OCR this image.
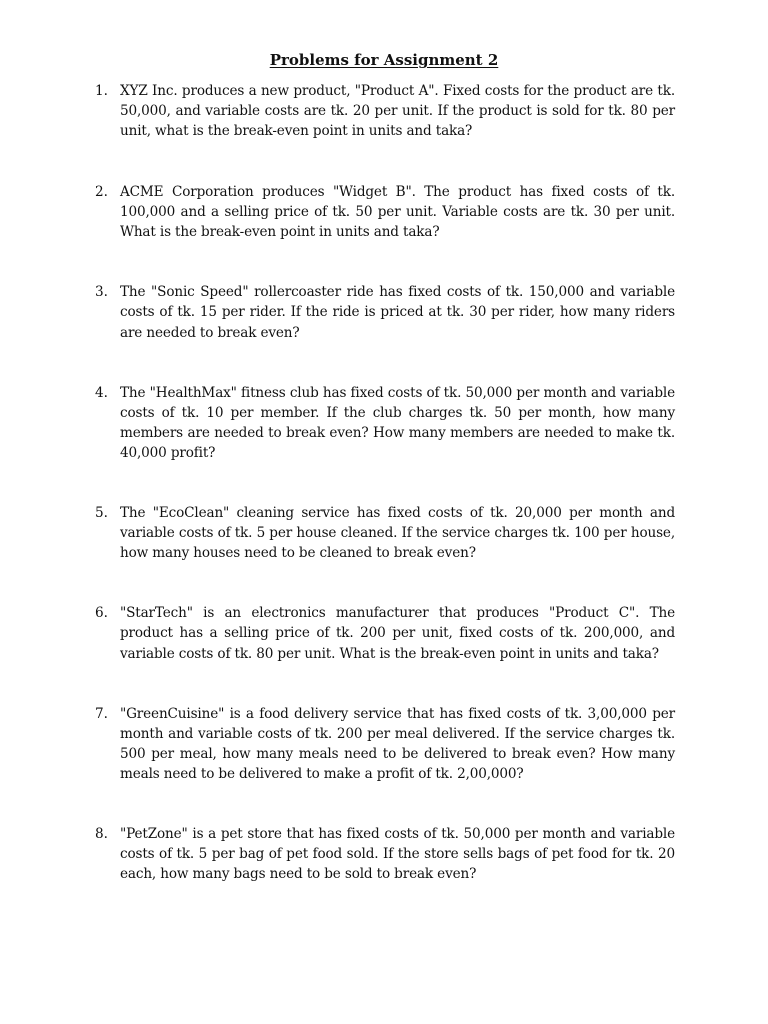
Problems for Assignment 2
1. XYZ Inc. produces a new product, "Product A". Fixed costs for the product are tk. 50,000, and variable costs are tk. 20 per unit. If the product is sold for tk. 80 per unit, what is the break-even point in units and taka?
2. ACME Corporation produces "Widget B". The product has fixed costs of tk. 100,000 and a selling price of tk. 50 per unit. Variable costs are tk. 30 per unit. What is the break-even point in units and taka?
3. The "Sonic Speed" rollercoaster ride has fixed costs of tk. 150,000 and variable costs of tk. 15 per rider. If the ride is priced at tk. 30 per rider, how many riders are needed to break even?
4. The "HealthMax" fitness club has fixed costs of tk. 50,000 per month and variable costs of tk. 10 per member. If the club charges tk. 50 per month, how many members are needed to break even? How many members are needed to make tk. 40,000 profit?
5. The "EcoClean" cleaning service has fixed costs of tk. 20,000 per month and variable costs of tk. 5 per house cleaned. If the service charges tk. 100 per house, how many houses need to be cleaned to break even?
6. "StarTech" is an electronics manufacturer that produces "Product C". The product has a selling price of tk. 200 per unit, fixed costs of tk. 200,000, and variable costs of tk. 80 per unit. What is the break-even point in units and taka?
7. "GreenCuisine" is a food delivery service that has fixed costs of tk. 3,00,000 per month and variable costs of tk. 200 per meal delivered. If the service charges tk. 500 per meal, how many meals need to be delivered to break even? How many meals need to be delivered to make a profit of tk. 2,00,000?
8. "PetZone" is a pet store that has fixed costs of tk. 50,000 per month and variable costs of tk. 5 per bag of pet food sold. If the store sells bags of pet food for tk. 20 each, how many bags need to be sold to break even?
